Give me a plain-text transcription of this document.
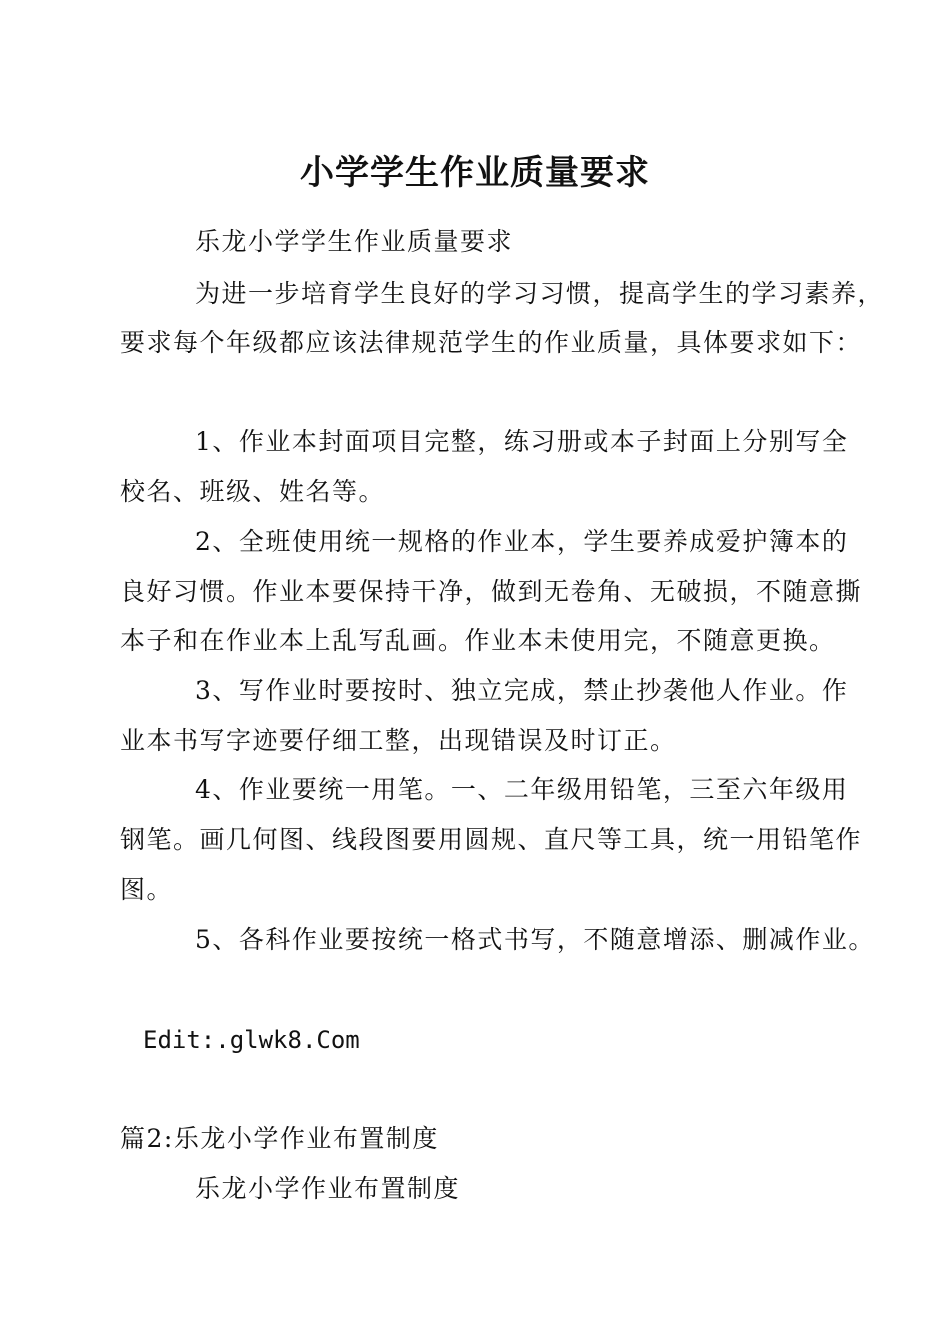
小学学生作业质量要求
乐龙小学学生作业质量要求
为进一步培育学生良好的学习习惯，提高学生的学习素养，
要求每个年级都应该法律规范学生的作业质量，具体要求如下：
1、作业本封面项目完整，练习册或本子封面上分别写全
校名、班级、姓名等。
2、全班使用统一规格的作业本，学生要养成爱护簿本的
良好习惯。作业本要保持干净，做到无卷角、无破损，不随意撕
本子和在作业本上乱写乱画。作业本未使用完，不随意更换。
3、写作业时要按时、独立完成，禁止抄袭他人作业。作
业本书写字迹要仔细工整，出现错误及时订正。
4、作业要统一用笔。一、二年级用铅笔，三至六年级用
钢笔。画几何图、线段图要用圆规、直尺等工具，统一用铅笔作
图。
5、各科作业要按统一格式书写，不随意增添、删减作业。
Edit:.glwk8.Com
篇2:乐龙小学作业布置制度
乐龙小学作业布置制度
